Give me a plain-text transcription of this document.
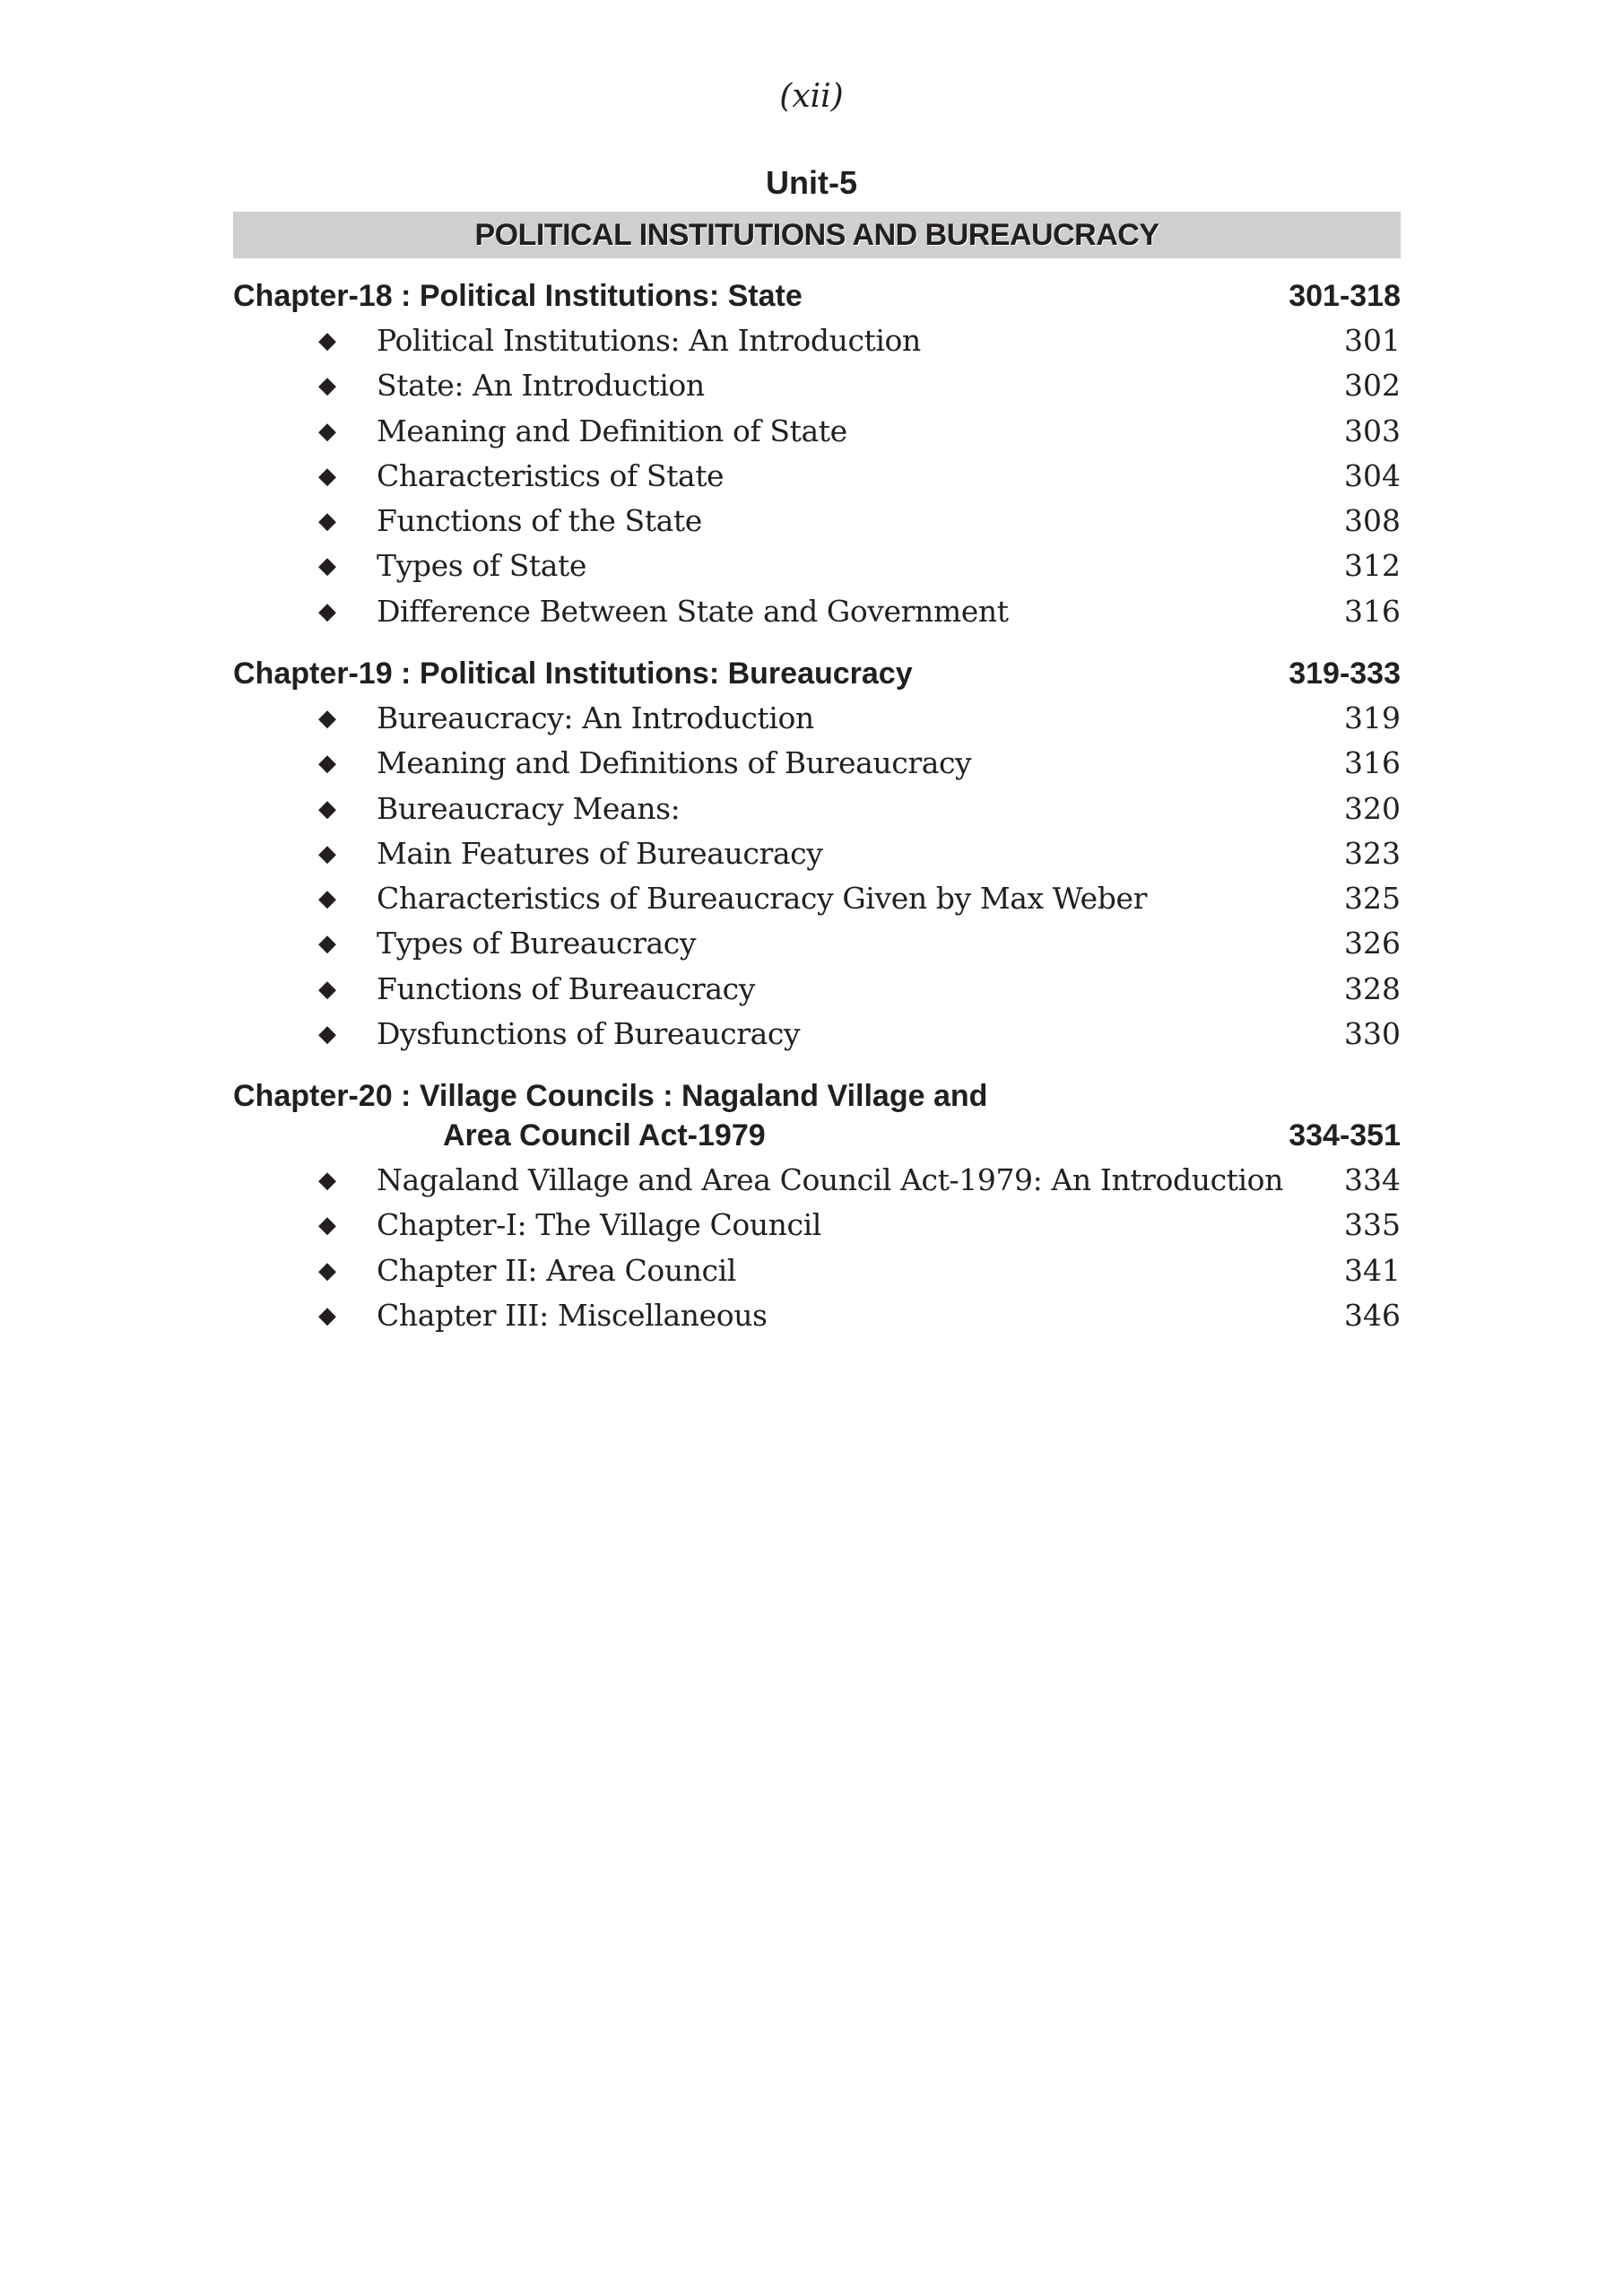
(xii)
Unit-5
POLITICAL INSTITUTIONS AND BUREAUCRACY
Chapter-18 : Political Institutions: State	301-318
◆ Political Institutions: An Introduction	301
◆ State: An Introduction	302
◆ Meaning and Definition of State	303
◆ Characteristics of State	304
◆ Functions of the State	308
◆ Types of State	312
◆ Difference Between State and Government	316
Chapter-19 : Political Institutions: Bureaucracy	319-333
◆ Bureaucracy: An Introduction	319
◆ Meaning and Definitions of Bureaucracy	316
◆ Bureaucracy Means:	320
◆ Main Features of Bureaucracy	323
◆ Characteristics of Bureaucracy Given by Max Weber	325
◆ Types of Bureaucracy	326
◆ Functions of Bureaucracy	328
◆ Dysfunctions of Bureaucracy	330
Chapter-20 : Village Councils : Nagaland Village and
Area Council Act-1979	334-351
◆ Nagaland Village and Area Council Act-1979: An Introduction 334
◆ Chapter-I: The Village Council	335
◆ Chapter II: Area Council	341
◆ Chapter III: Miscellaneous	346
